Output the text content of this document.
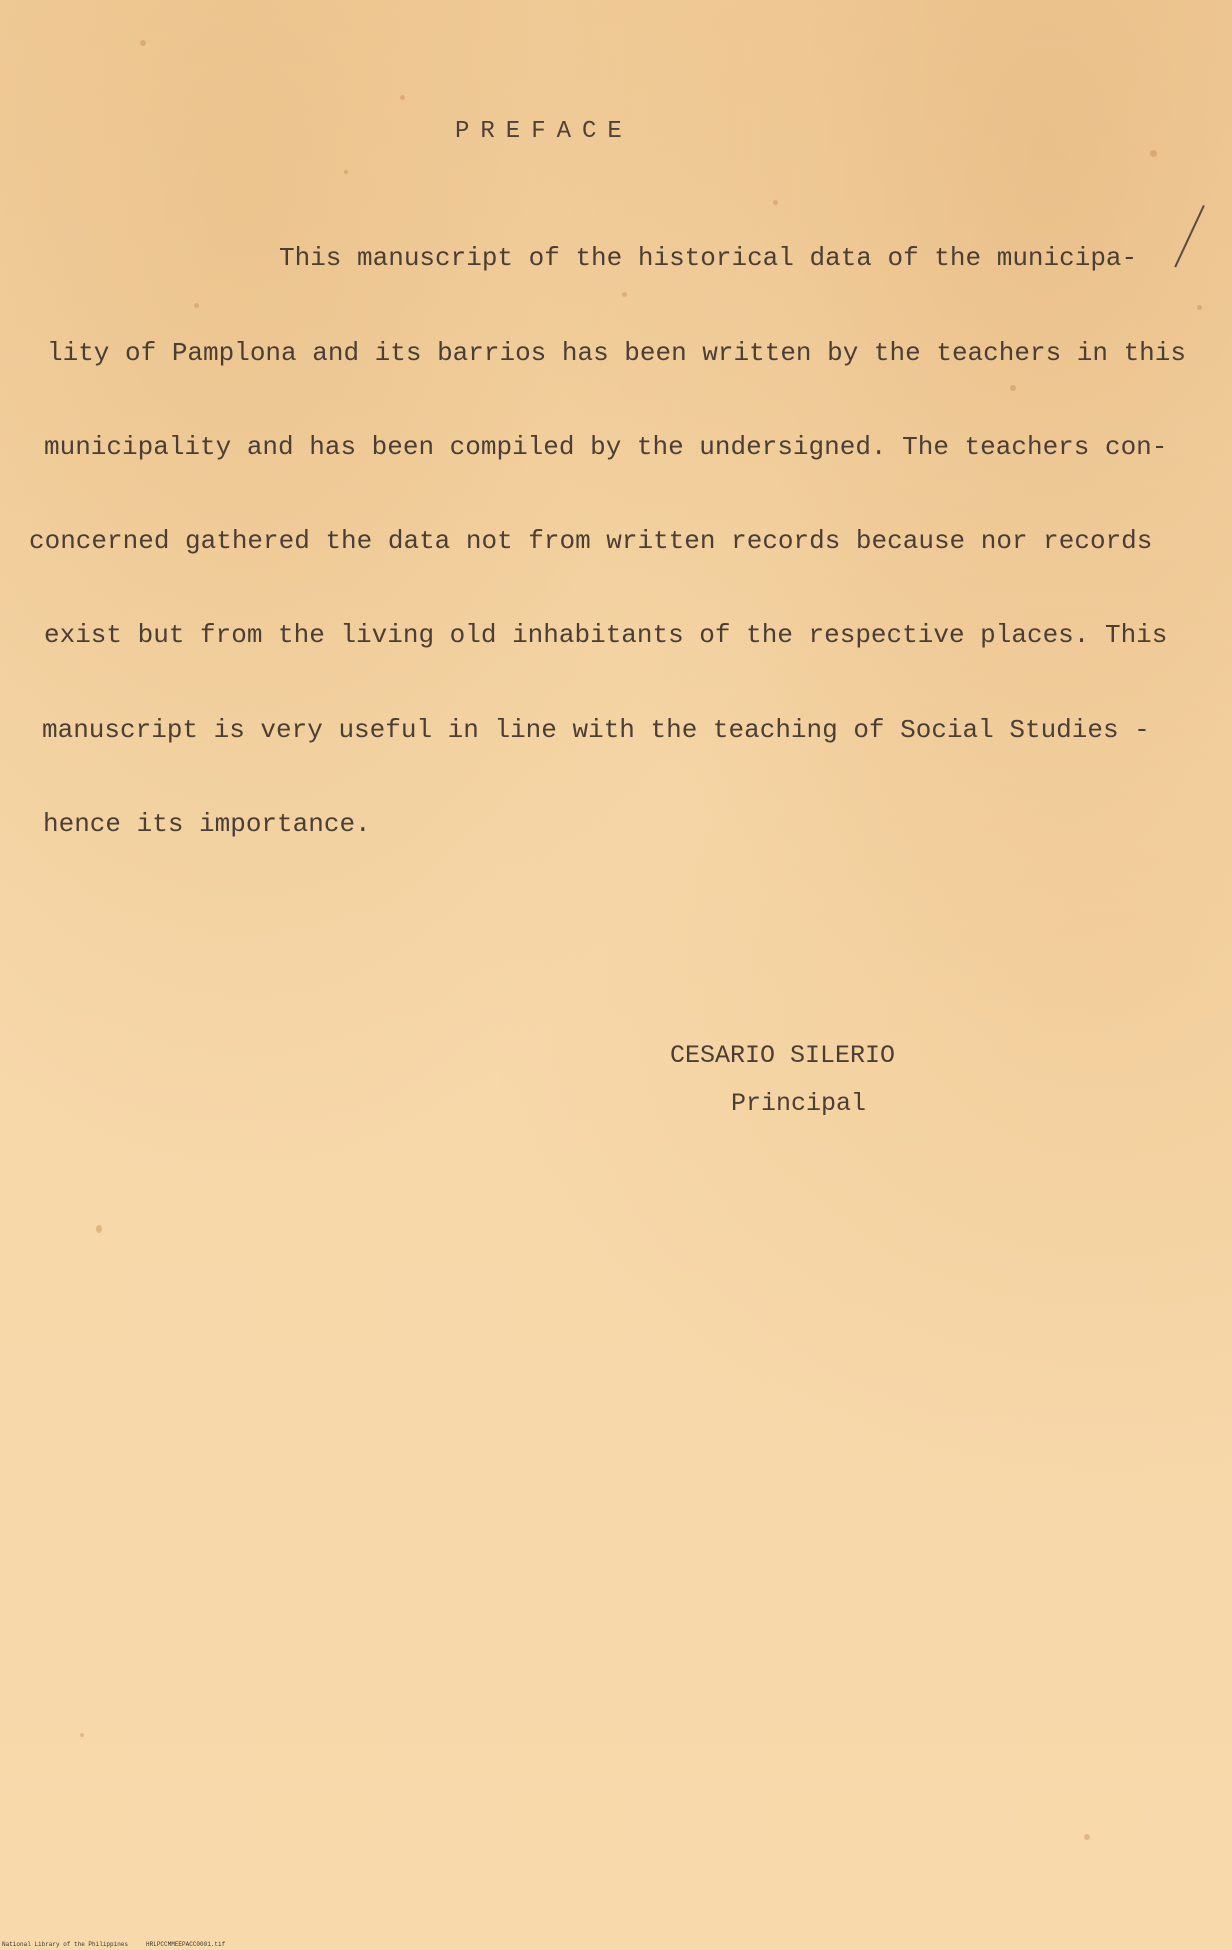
PREFACE
This manuscript of the historical data of the municipa-
lity of Pamplona and its barrios has been written by the teachers in this
municipality and has been compiled by the undersigned. The teachers con-
concerned gathered the data not from written records because nor records
exist but from the living old inhabitants of the respective places. This
manuscript is very useful in line with the teaching of Social Studies -
hence its importance.
CESARIO SILERIO
Principal
National Library of the Philippines     HRLPCCMMEEPACC0001.tif
